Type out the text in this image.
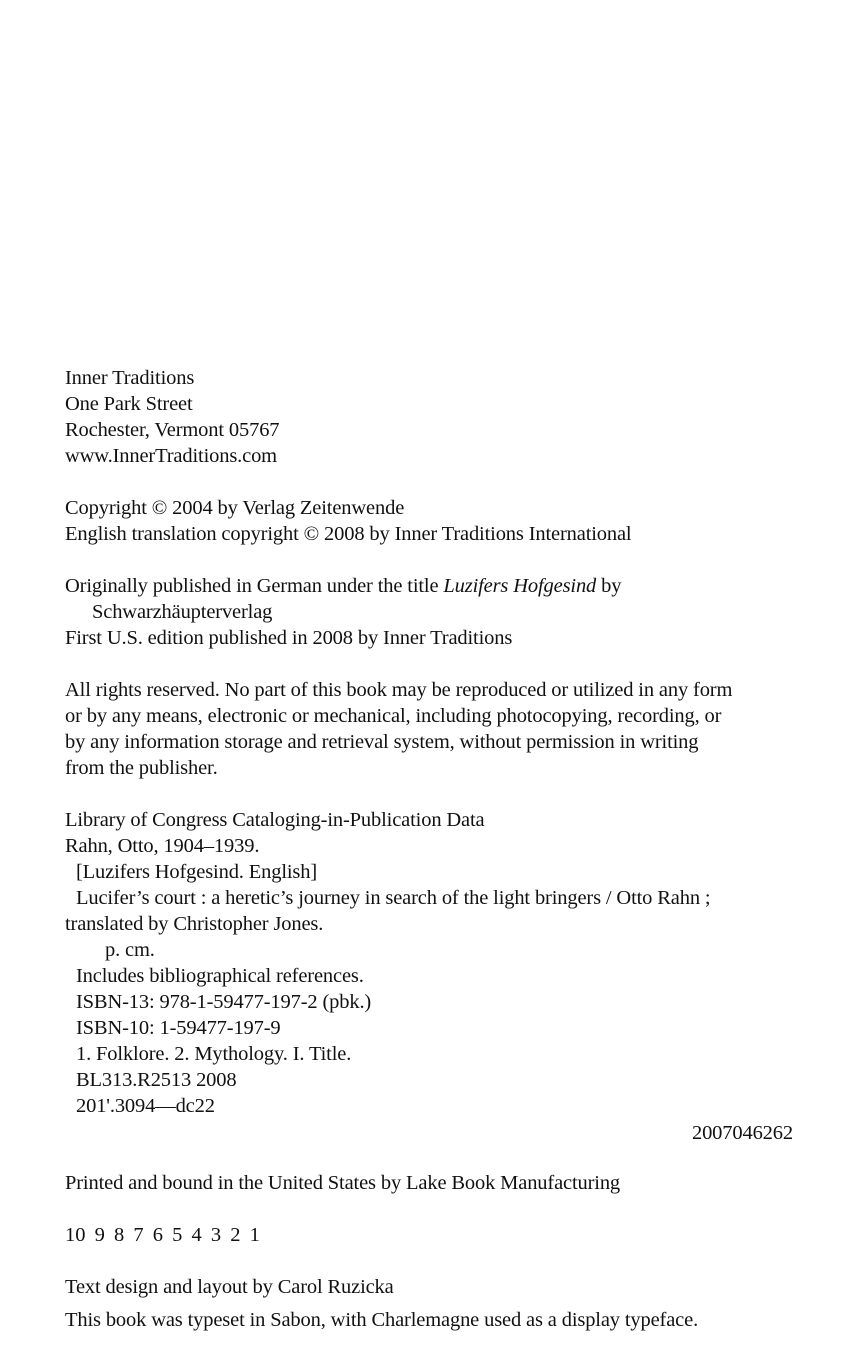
Inner Traditions
One Park Street
Rochester, Vermont 05767
www.InnerTraditions.com
Copyright © 2004 by Verlag Zeitenwende
English translation copyright © 2008 by Inner Traditions International
Originally published in German under the title Luzifers Hofgesind by
Schwarzhäupterverlag
First U.S. edition published in 2008 by Inner Traditions
All rights reserved. No part of this book may be reproduced or utilized in any form
or by any means, electronic or mechanical, including photocopying, recording, or
by any information storage and retrieval system, without permission in writing
from the publisher.
Library of Congress Cataloging-in-Publication Data
Rahn, Otto, 1904–1939.
[Luzifers Hofgesind. English]
Lucifer’s court : a heretic’s journey in search of the light bringers / Otto Rahn ;
translated by Christopher Jones.
p. cm.
Includes bibliographical references.
ISBN-13: 978-1-59477-197-2 (pbk.)
ISBN-10: 1-59477-197-9
1. Folklore. 2. Mythology. I. Title.
BL313.R2513 2008
201'.3094—dc22
2007046262
Printed and bound in the United States by Lake Book Manufacturing
10 9 8 7 6 5 4 3 2 1
Text design and layout by Carol Ruzicka
This book was typeset in Sabon, with Charlemagne used as a display typeface.
